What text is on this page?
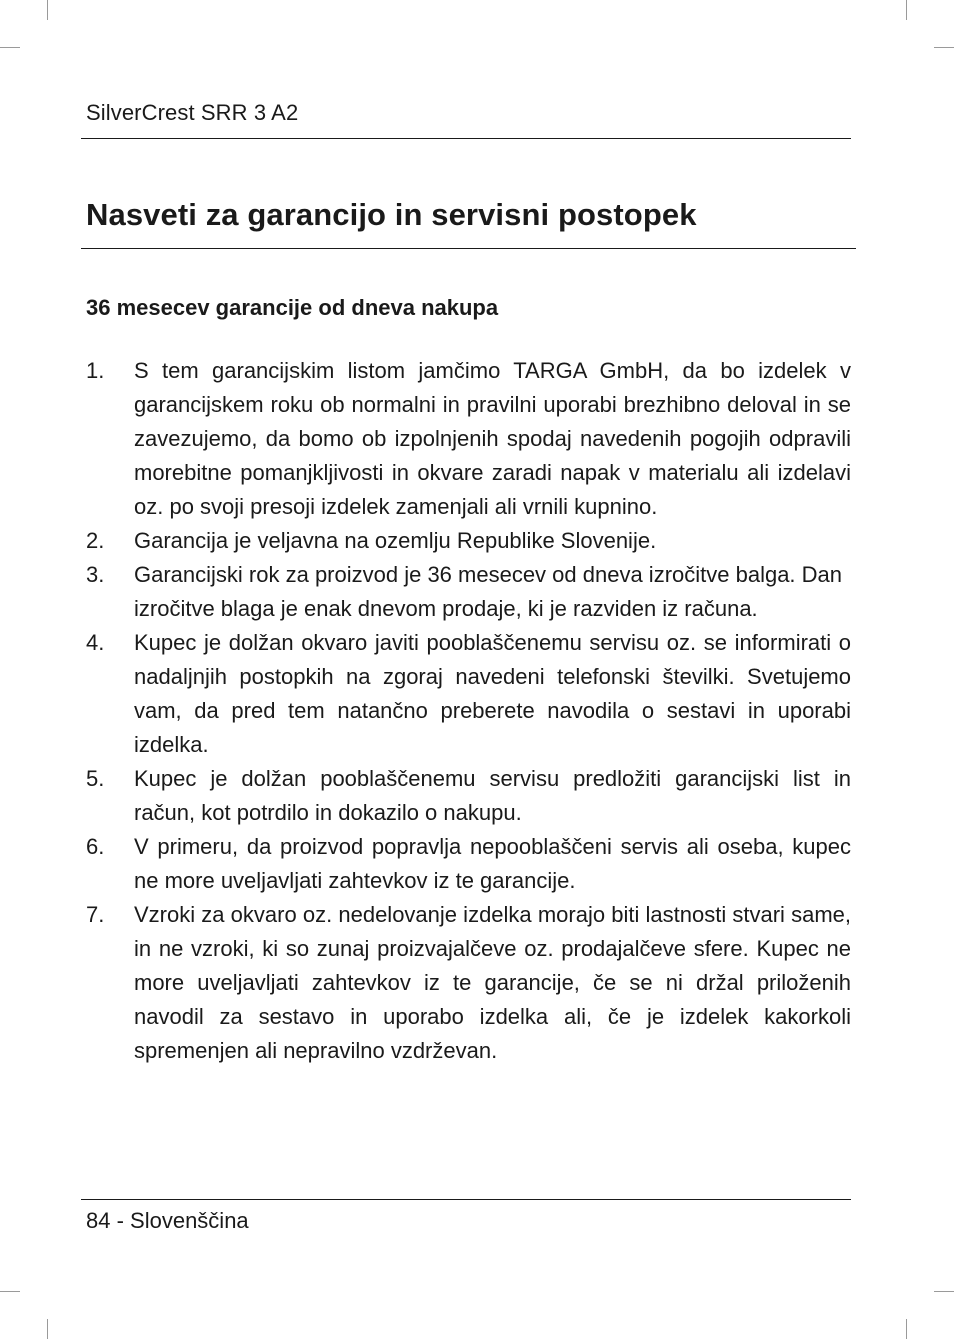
SilverCrest SRR 3 A2
Nasveti za garancijo in servisni postopek
36 mesecev garancije od dneva nakupa
1.	S tem garancijskim listom jamčimo TARGA GmbH, da bo izdelek v garancijskem roku ob normalni in pravilni uporabi brezhibno deloval in se zavezujemo, da bomo ob izpolnjenih spodaj navedenih pogojih odpravili morebitne pomanjkljivosti in okvare zaradi napak v materialu ali izdelavi oz. po svoji presoji izdelek zamenjali ali vrnili kupnino.
2.	Garancija je veljavna na ozemlju Republike Slovenije.
3.	Garancijski rok za proizvod je 36 mesecev od dneva izročitve balga. Dan izročitve blaga je enak dnevom prodaje, ki je razviden iz računa.
4.	Kupec je dolžan okvaro javiti pooblaščenemu servisu oz. se informirati o nadaljnjih postopkih na zgoraj navedeni telefonski številki. Svetujemo vam, da pred tem natančno preberete navodila o sestavi in uporabi izdelka.
5.	Kupec je dolžan pooblaščenemu servisu predložiti garancijski list in račun, kot potrdilo in dokazilo o nakupu.
6.	V primeru, da proizvod popravlja nepooblaščeni servis ali oseba, kupec ne more uveljavljati zahtevkov iz te garancije.
7.	Vzroki za okvaro oz. nedelovanje izdelka morajo biti lastnosti stvari same, in ne vzroki, ki so zunaj proizvajalčeve oz. prodajalčeve sfere. Kupec ne more uveljavljati zahtevkov iz te garancije, če se ni držal priloženih navodil za sestavo in uporabo izdelka ali, če je izdelek kakorkoli spremenjen ali nepravilno vzdrževan.
84 - Slovenščina
